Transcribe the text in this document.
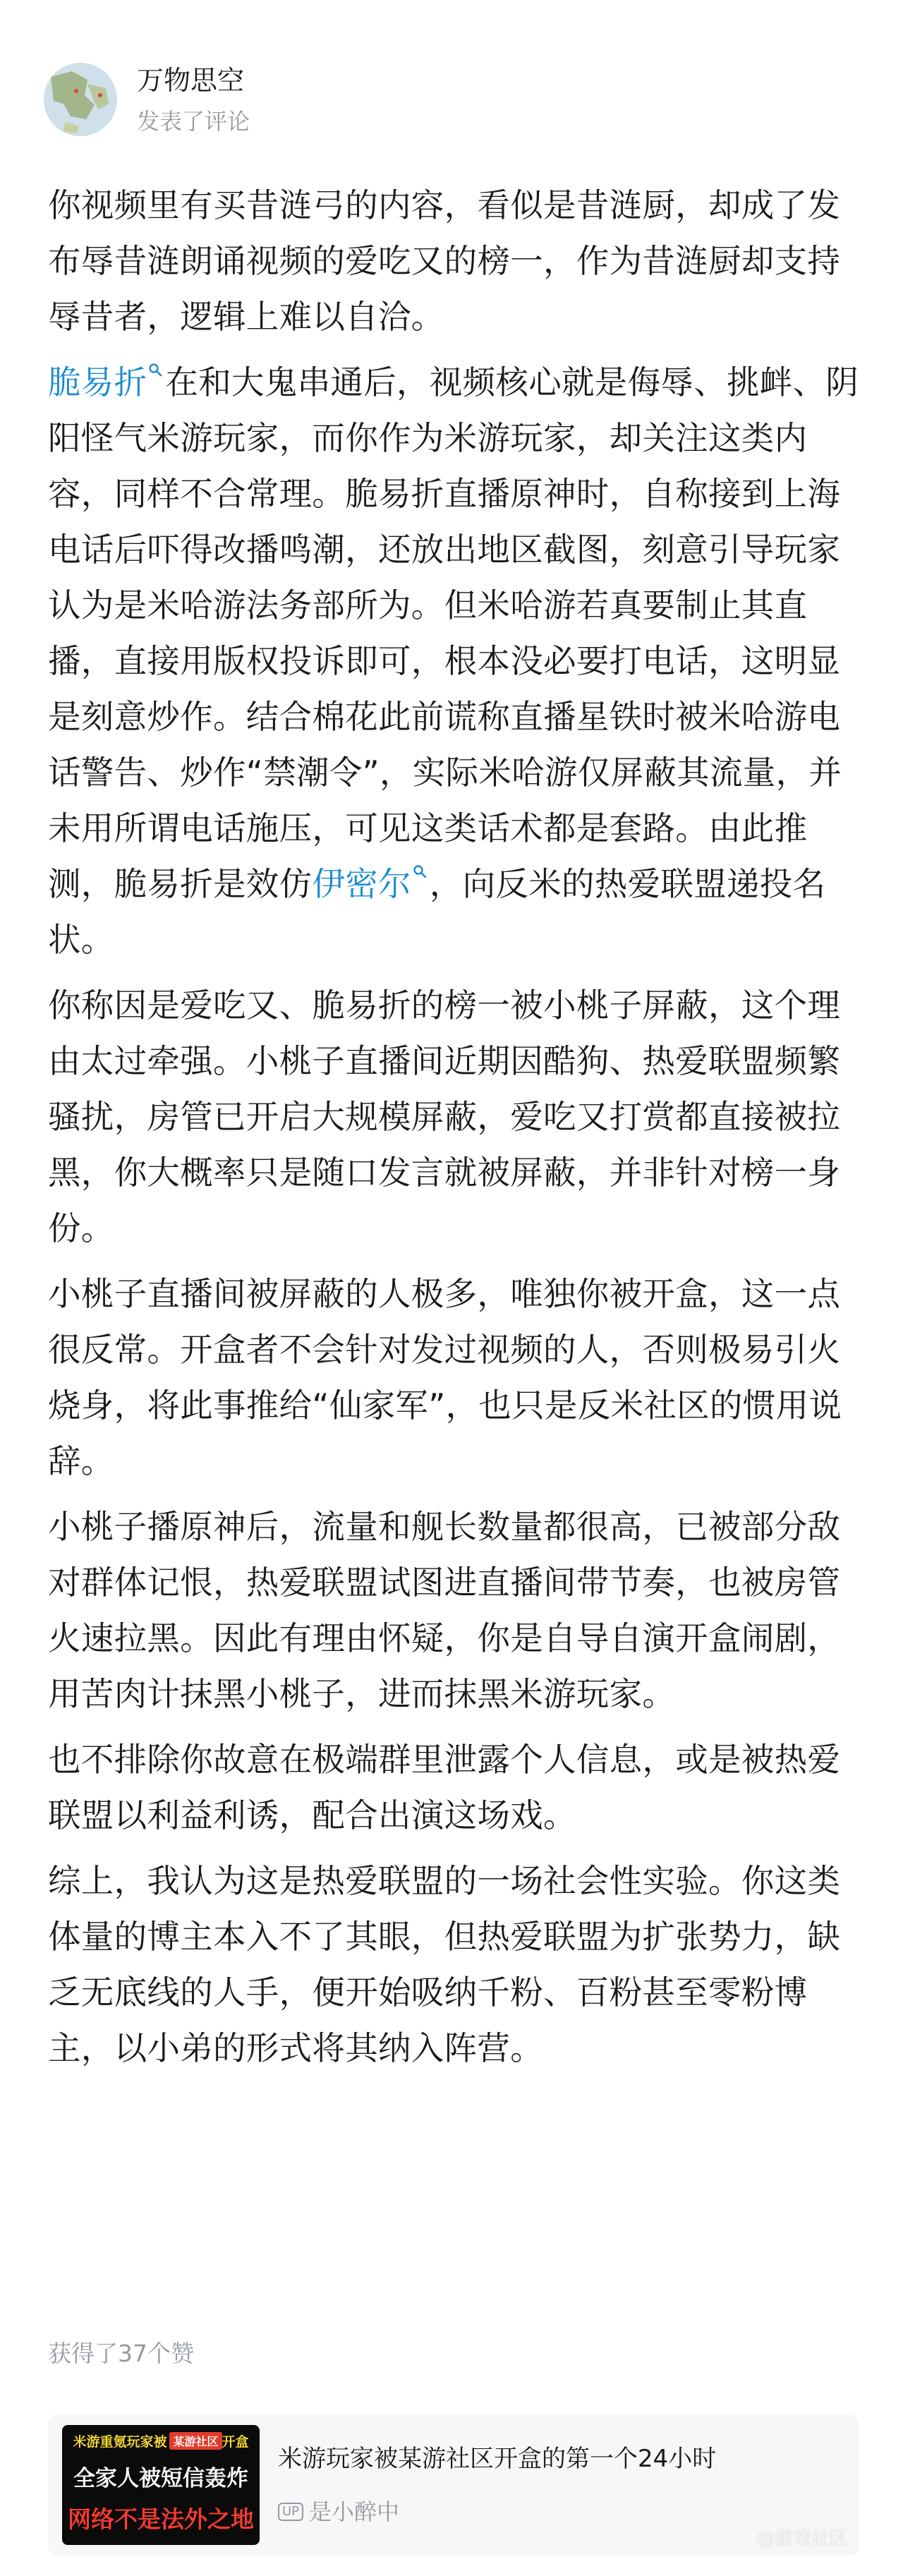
万物思空
发表了评论

你视频里有买昔涟弓的内容，看似是昔涟厨，却成了发布辱昔涟朗诵视频的爱吃又的榜一，作为昔涟厨却支持辱昔者，逻辑上难以自洽。

脆易折 在和大鬼串通后，视频核心就是侮辱、挑衅、阴阳怪气米游玩家，而你作为米游玩家，却关注这类内容，同样不合常理。脆易折直播原神时，自称接到上海电话后吓得改播鸣潮，还放出地区截图，刻意引导玩家认为是米哈游法务部所为。但米哈游若真要制止其直播，直接用版权投诉即可，根本没必要打电话，这明显是刻意炒作。结合棉花此前谎称直播星铁时被米哈游电话警告、炒作“禁潮令”，实际米哈游仅屏蔽其流量，并未用所谓电话施压，可见这类话术都是套路。由此推测，脆易折是效仿伊密尔 ，向反米的热爱联盟递投名状。

你称因是爱吃又、脆易折的榜一被小桃子屏蔽，这个理由太过牵强。小桃子直播间近期因酷狗、热爱联盟频繁骚扰，房管已开启大规模屏蔽，爱吃又打赏都直接被拉黑，你大概率只是随口发言就被屏蔽，并非针对榜一身份。

小桃子直播间被屏蔽的人极多，唯独你被开盒，这一点很反常。开盒者不会针对发过视频的人，否则极易引火烧身，将此事推给“仙家军”，也只是反米社区的惯用说辞。

小桃子播原神后，流量和舰长数量都很高，已被部分敌对群体记恨，热爱联盟试图进直播间带节奏，也被房管火速拉黑。因此有理由怀疑，你是自导自演开盒闹剧，用苦肉计抹黑小桃子，进而抹黑米游玩家。

也不排除你故意在极端群里泄露个人信息，或是被热爱联盟以利益利诱，配合出演这场戏。

综上，我认为这是热爱联盟的一场社会性实验。你这类体量的博主本入不了其眼，但热爱联盟为扩张势力，缺乏无底线的人手，便开始吸纳千粉、百粉甚至零粉博主，以小弟的形式将其纳入阵营。

获得了37个赞
米游重氪玩家被 某游社区 开盒
全家人被短信轰炸
网络不是法外之地
米游玩家被某游社区开盒的第一个24小时
UP 是小醉中
@游戏社区
